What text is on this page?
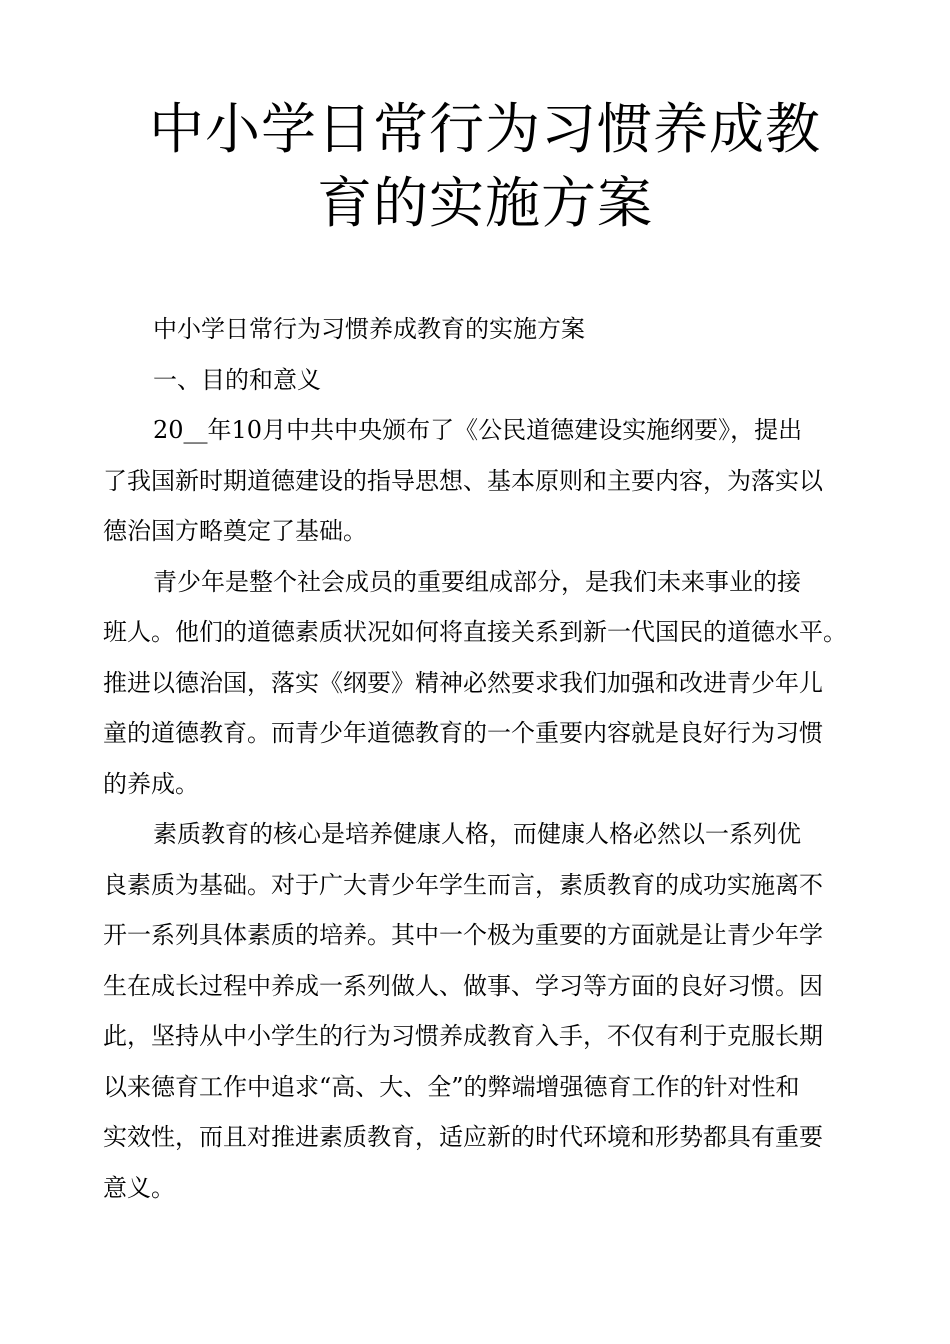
中小学日常行为习惯养成教
育的实施方案

中小学日常行为习惯养成教育的实施方案

一、目的和意义

20__年10月中共中央颁布了《公民道德建设实施纲要》，提出
了我国新时期道德建设的指导思想、基本原则和主要内容，为落实以
德治国方略奠定了基础。

青少年是整个社会成员的重要组成部分，是我们未来事业的接
班人。他们的道德素质状况如何将直接关系到新一代国民的道德水平。
推进以德治国，落实《纲要》精神必然要求我们加强和改进青少年儿
童的道德教育。而青少年道德教育的一个重要内容就是良好行为习惯
的养成。

素质教育的核心是培养健康人格，而健康人格必然以一系列优
良素质为基础。对于广大青少年学生而言，素质教育的成功实施离不
开一系列具体素质的培养。其中一个极为重要的方面就是让青少年学
生在成长过程中养成一系列做人、做事、学习等方面的良好习惯。因
此，坚持从中小学生的行为习惯养成教育入手，不仅有利于克服长期
以来德育工作中追求“高、大、全”的弊端增强德育工作的针对性和
实效性，而且对推进素质教育，适应新的时代环境和形势都具有重要
意义。
